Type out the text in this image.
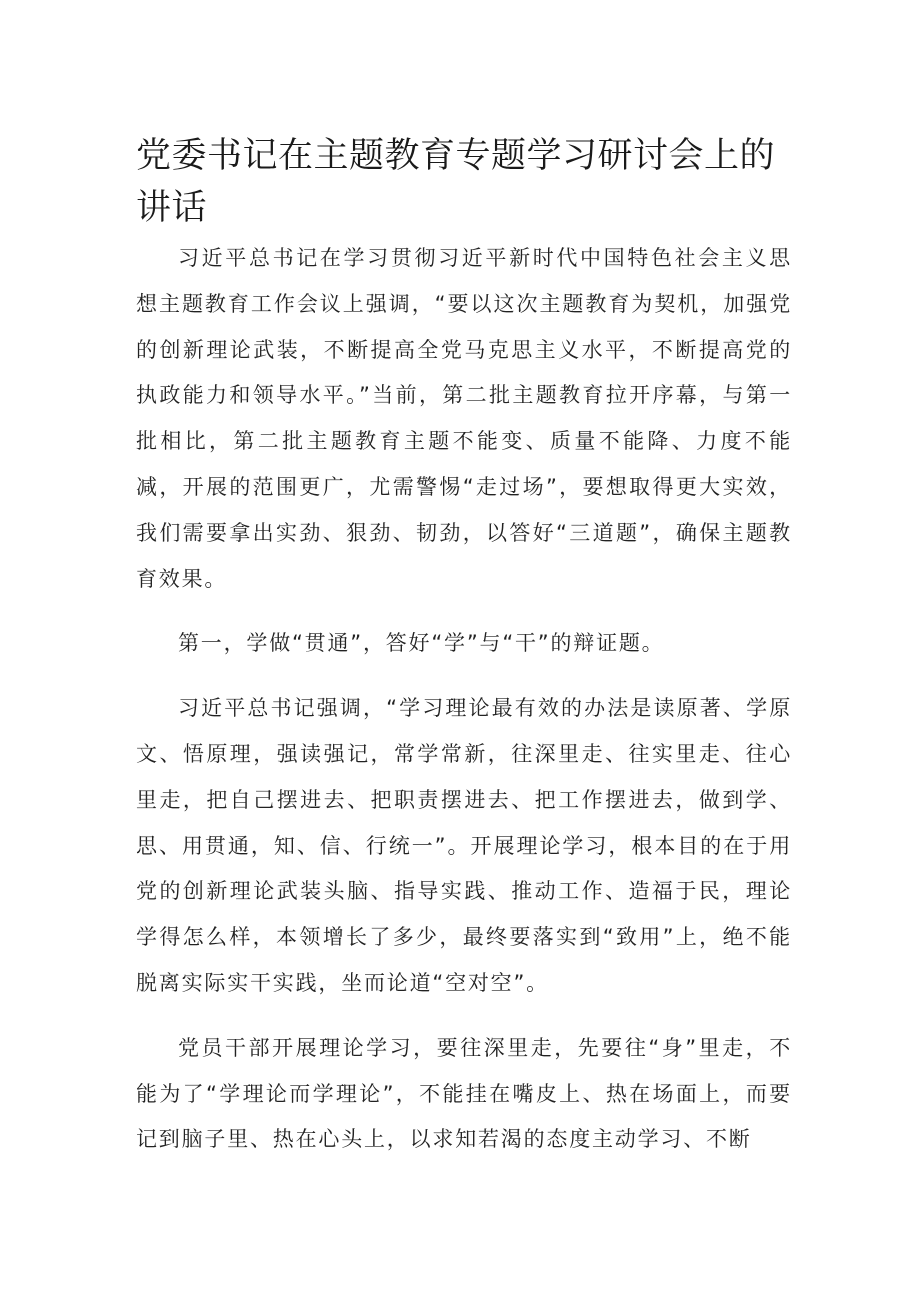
党委书记在主题教育专题学习研讨会上的讲话

习近平总书记在学习贯彻习近平新时代中国特色社会主义思想主题教育工作会议上强调，“要以这次主题教育为契机，加强党的创新理论武装，不断提高全党马克思主义水平，不断提高党的执政能力和领导水平。”当前，第二批主题教育拉开序幕，与第一批相比，第二批主题教育主题不能变、质量不能降、力度不能减，开展的范围更广，尤需警惕“走过场”，要想取得更大实效，我们需要拿出实劲、狠劲、韧劲，以答好“三道题”，确保主题教育效果。

第一，学做“贯通”，答好“学”与“干”的辩证题。

习近平总书记强调，“学习理论最有效的办法是读原著、学原文、悟原理，强读强记，常学常新，往深里走、往实里走、往心里走，把自己摆进去、把职责摆进去、把工作摆进去，做到学、思、用贯通，知、信、行统一”。开展理论学习，根本目的在于用党的创新理论武装头脑、指导实践、推动工作、造福于民，理论学得怎么样，本领增长了多少，最终要落实到“致用”上，绝不能脱离实际实干实践，坐而论道“空对空”。

党员干部开展理论学习，要往深里走，先要往“身”里走，不能为了“学理论而学理论”，不能挂在嘴皮上、热在场面上，而要记到脑子里、热在心头上，以求知若渴的态度主动学习、不断
